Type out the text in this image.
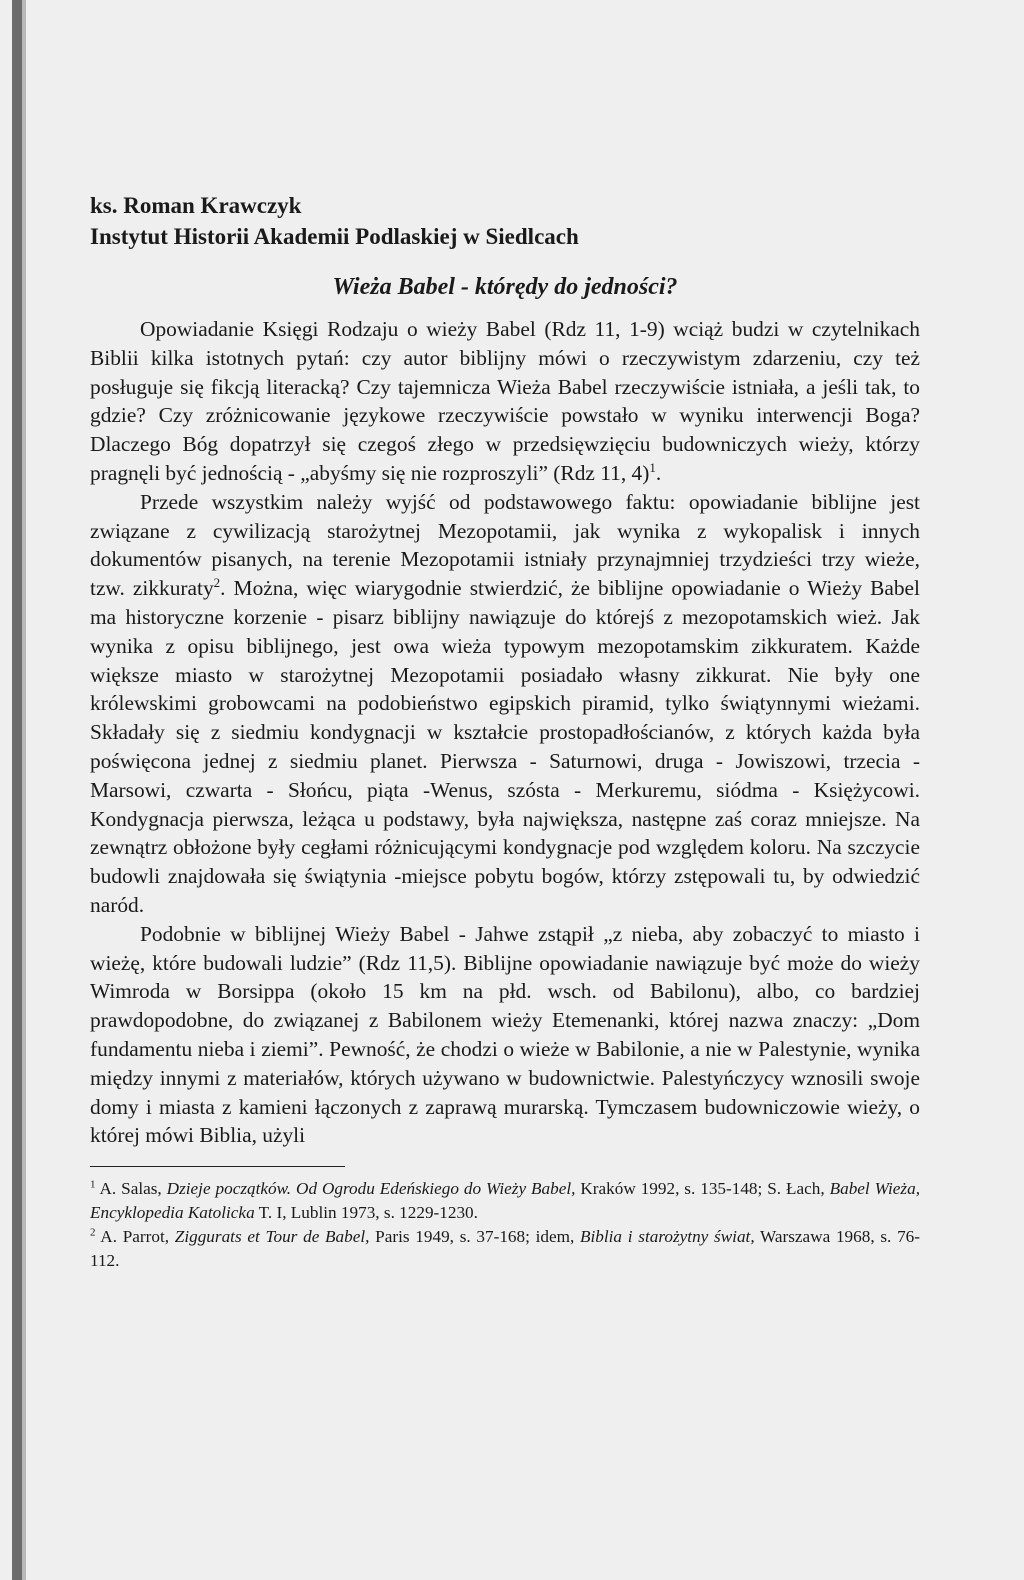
ks. Roman Krawczyk
Instytut Historii Akademii Podlaskiej w Siedlcach
Wieża Babel - którędy do jedności?

Opowiadanie Księgi Rodzaju o wieży Babel (Rdz 11, 1-9) wciąż budzi w czytelnikach Biblii kilka istotnych pytań: czy autor biblijny mówi o rzeczywistym zdarzeniu, czy też posługuje się fikcją literacką? Czy tajemnicza Wieża Babel rzeczywiście istniała, a jeśli tak, to gdzie? Czy zróżnicowanie językowe rzeczywiście powstało w wyniku interwencji Boga? Dlaczego Bóg dopatrzył się czegoś złego w przedsięwzięciu budowniczych wieży, którzy pragnęli być jednością - „abyśmy się nie rozproszyli” (Rdz 11, 4)$^1$.

Przede wszystkim należy wyjść od podstawowego faktu: opowiadanie biblijne jest związane z cywilizacją starożytnej Mezopotamii, jak wynika z wykopalisk i innych dokumentów pisanych, na terenie Mezopotamii istniały przynajmniej trzydzieści trzy wieże, tzw. zikkuraty$^2$. Można, więc wiarygodnie stwierdzić, że biblijne opowiadanie o Wieży Babel ma historyczne korzenie - pisarz biblijny nawiązuje do którejś z mezopotamskich wież. Jak wynika z opisu biblijnego, jest owa wieża typowym mezopotamskim zikkuratem. Każde większe miasto w starożytnej Mezopotamii posiadało własny zikkurat. Nie były one królewskimi grobowcami na podobieństwo egipskich piramid, tylko świątynnymi wieżami. Składały się z siedmiu kondygnacji w kształcie prostopadłościanów, z których każda była poświęcona jednej z siedmiu planet. Pierwsza - Saturnowi, druga - Jowiszowi, trzecia - Marsowi, czwarta - Słońcu, piąta -Wenus, szósta - Merkuremu, siódma - Księżycowi. Kondygnacja pierwsza, leżąca u podstawy, była największa, następne zaś coraz mniejsze. Na zewnątrz obłożone były cegłami różnicującymi kondygnacje pod względem koloru. Na szczycie budowli znajdowała się świątynia -miejsce pobytu bogów, którzy zstępowali tu, by odwiedzić naród.

Podobnie w biblijnej Wieży Babel - Jahwe zstąpił „z nieba, aby zobaczyć to miasto i wieżę, które budowali ludzie” (Rdz 11,5). Biblijne opowiadanie nawiązuje być może do wieży Wimroda w Borsippa (około 15 km na płd. wsch. od Babilonu), albo, co bardziej prawdopodobne, do związanej z Babilonem wieży Etemenanki, której nazwa znaczy: „Dom fundamentu nieba i ziemi”. Pewność, że chodzi o wieże w Babilonie, a nie w Palestynie, wynika między innymi z materiałów, których używano w budownictwie. Palestyńczycy wznosili swoje domy i miasta z kamieni łączonych z zaprawą murarską. Tymczasem budowniczowie wieży, o której mówi Biblia, użyli

$^1$ A. Salas, Dzieje początków. Od Ogrodu Edeńskiego do Wieży Babel, Kraków 1992, s. 135-148; S. Łach, Babel Wieża, Encyklopedia Katolicka T. I, Lublin 1973, s. 1229-1230.

$^2$ A. Parrot, Ziggurats et Tour de Babel, Paris 1949, s. 37-168; idem, Biblia i starożytny świat, Warszawa 1968, s. 76-112.
